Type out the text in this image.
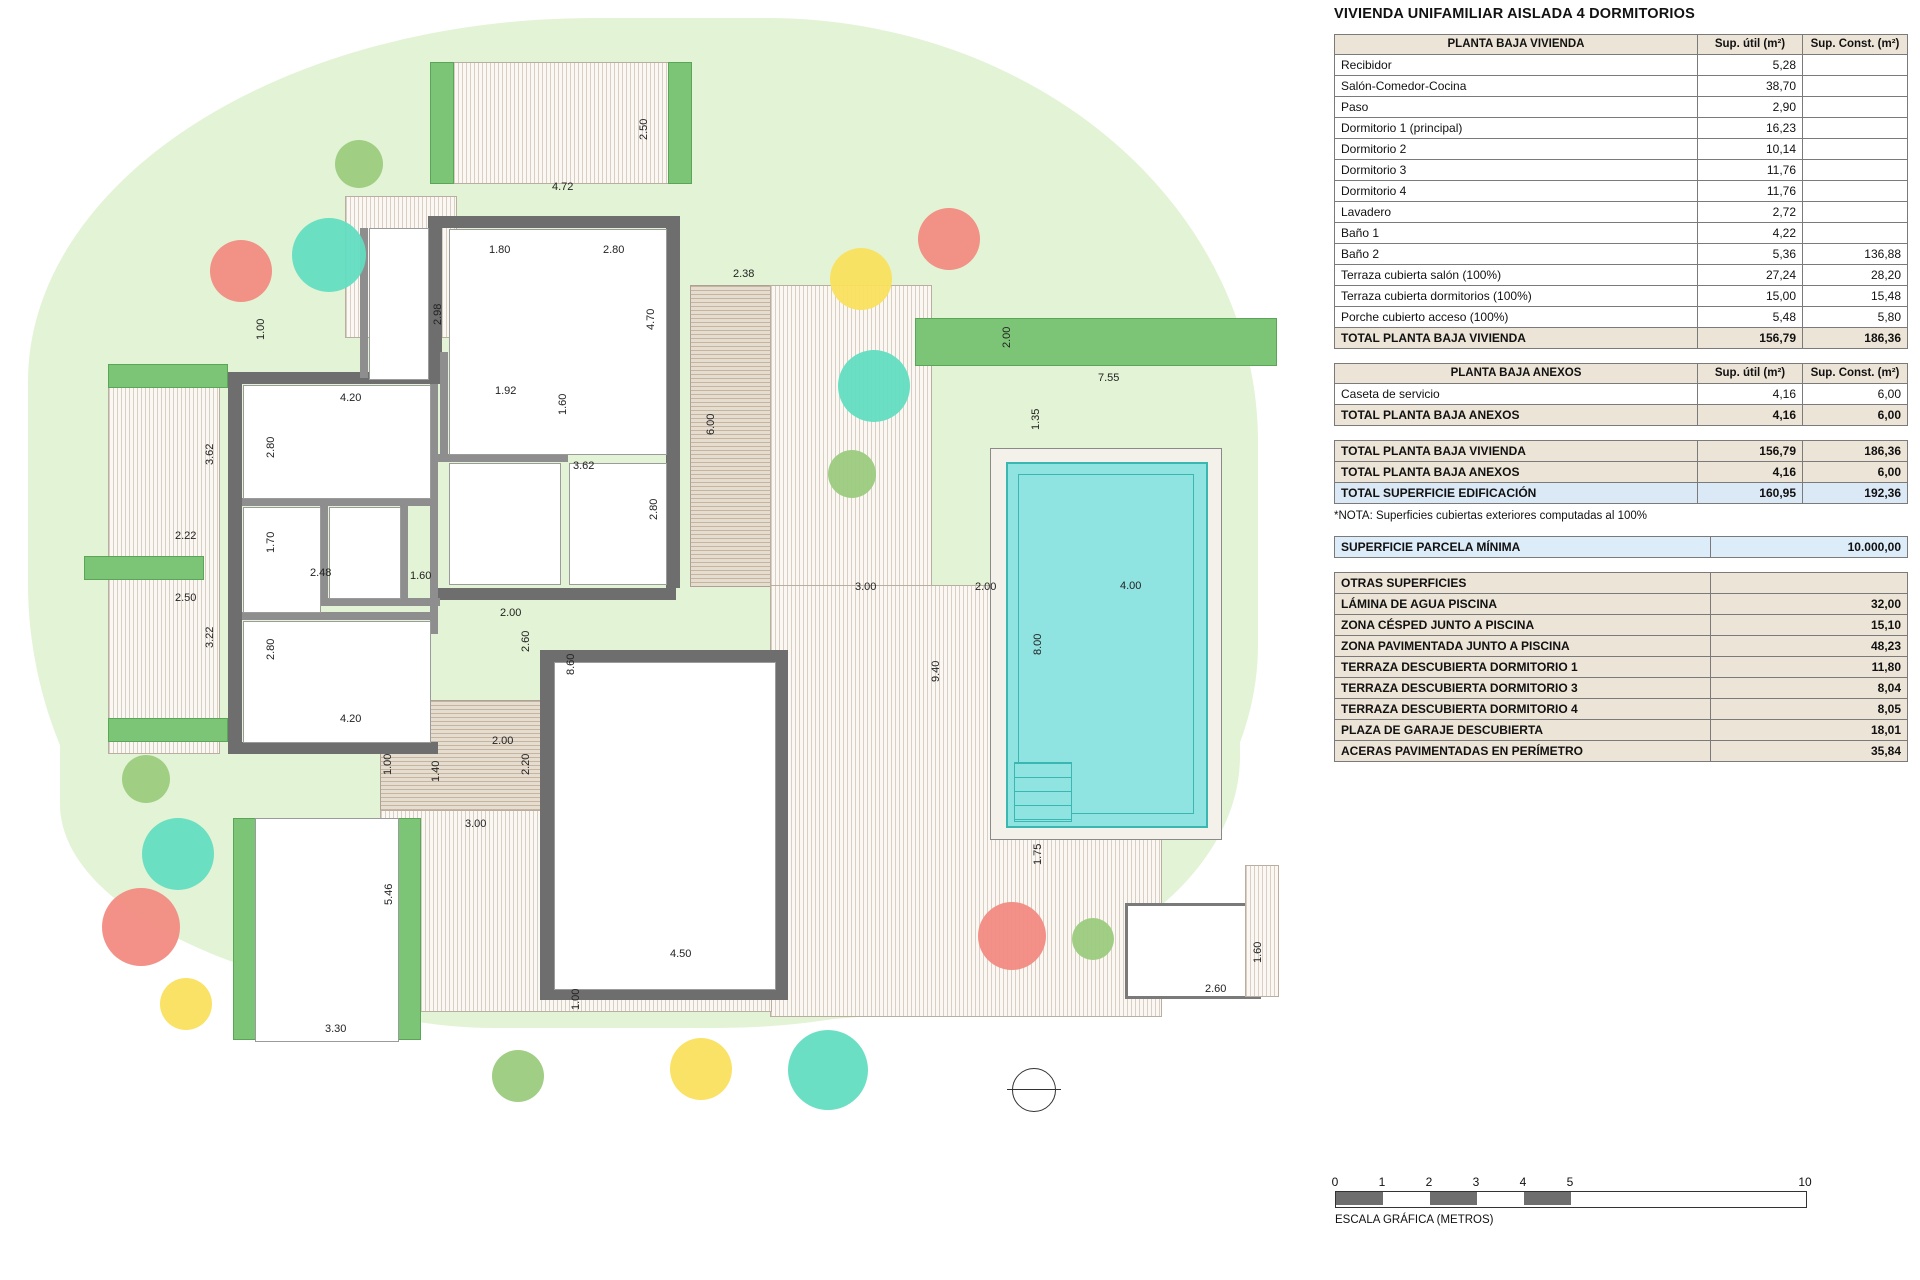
4.72
2.50
1.80	2.80
2.38
2.98	4.70
1.00	2.00
7.55
4.20
1.92
1.60
6.00	1.35
3.62	2.80
3.62
2.22
2.80
1.70
2.48	1.60
2.50
3.00	2.00	4.00
2.00
3.22
2.80	8.00
2.60
4.20
2.00
1.00	1.40	2.20
8.60	9.40
3.00
1.75
5.46
4.50
1.00
3.30
2.60
1.60
VIVIENDA UNIFAMILIAR AISLADA 4 DORMITORIOS
PLANTA BAJA VIVIENDA	Sup. útil (m²)	Sup. Const. (m²)
Recibidor	5,28	
Salón-Comedor-Cocina	38,70	
Paso	2,90	
Dormitorio 1 (principal)	16,23	
Dormitorio 2	10,14	
Dormitorio 3	11,76	
Dormitorio 4	11,76	
Lavadero	2,72	
Baño 1	4,22	
Baño 2	5,36	136,88
Terraza cubierta salón (100%)	27,24	28,20
Terraza cubierta dormitorios (100%)	15,00	15,48
Porche cubierto acceso (100%)	5,48	5,80
TOTAL PLANTA BAJA VIVIENDA	156,79	186,36
PLANTA BAJA ANEXOS	Sup. útil (m²)	Sup. Const. (m²)
Caseta de servicio	4,16	6,00
TOTAL PLANTA BAJA ANEXOS	4,16	6,00
TOTAL PLANTA BAJA VIVIENDA	156,79	186,36
TOTAL PLANTA BAJA ANEXOS	4,16	6,00
TOTAL SUPERFICIE EDIFICACIÓN	160,95	192,36
*NOTA: Superficies cubiertas exteriores computadas al 100%
SUPERFICIE PARCELA MÍNIMA	10.000,00
OTRAS SUPERFICIES	
LÁMINA DE AGUA PISCINA	32,00
ZONA CÉSPED JUNTO A PISCINA	15,10
ZONA PAVIMENTADA JUNTO A PISCINA	48,23
TERRAZA DESCUBIERTA DORMITORIO 1	11,80
TERRAZA DESCUBIERTA DORMITORIO 3	8,04
TERRAZA DESCUBIERTA DORMITORIO 4	8,05
PLAZA DE GARAJE DESCUBIERTA	18,01
ACERAS PAVIMENTADAS EN PERÍMETRO	35,84
0	1	2	3	4	5	10
ESCALA GRÁFICA (METROS)
